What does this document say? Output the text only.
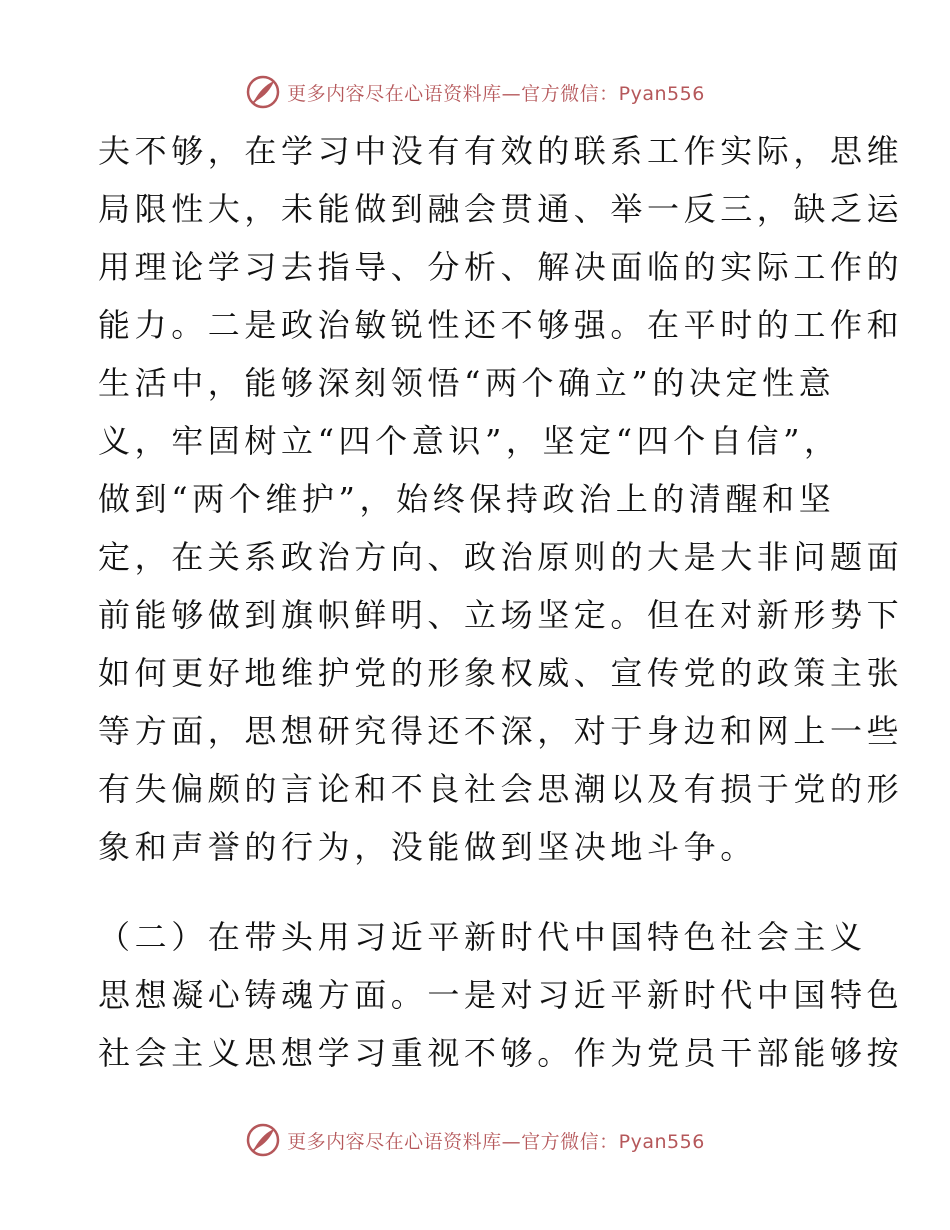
更多内容尽在心语资料库—官方微信：Pyan556
夫不够，在学习中没有有效的联系工作实际，思维
局限性大，未能做到融会贯通、举一反三，缺乏运
用理论学习去指导、分析、解决面临的实际工作的
能力。二是政治敏锐性还不够强。在平时的工作和
生活中，能够深刻领悟“两个确立”的决定性意
义，牢固树立“四个意识”，坚定“四个自信”，
做到“两个维护”，始终保持政治上的清醒和坚
定，在关系政治方向、政治原则的大是大非问题面
前能够做到旗帜鲜明、立场坚定。但在对新形势下
如何更好地维护党的形象权威、宣传党的政策主张
等方面，思想研究得还不深，对于身边和网上一些
有失偏颇的言论和不良社会思潮以及有损于党的形
象和声誉的行为，没能做到坚决地斗争。
（二）在带头用习近平新时代中国特色社会主义
思想凝心铸魂方面。一是对习近平新时代中国特色
社会主义思想学习重视不够。作为党员干部能够按
更多内容尽在心语资料库—官方微信：Pyan556
